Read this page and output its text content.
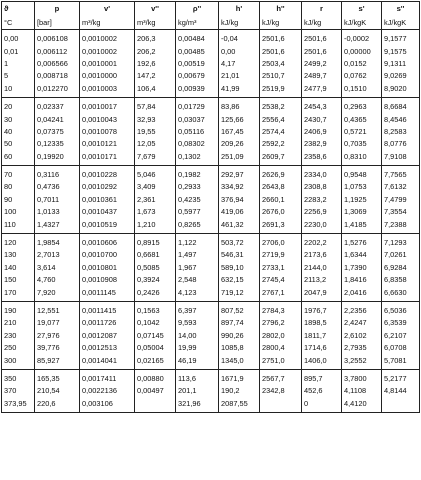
ϑ	p	v'	v''	ρ''	h'	h''	r	s'	s''
°C	[bar]	m³/kg	m³/kg	kg/m³	kJ/kg	kJ/kg	kJ/kg	kJ/kgK	kJ/kgK
0,00	0,006108	0,0010002	206,3	0,00484	-0,04	2501,6	2501,6	-0,0002	9,1577
0,01	0,006112	0,0010002	206,2	0,00485	0,00	2501,6	2501,6	0,00000	9,1575
1	0,006566	0,0010001	192,6	0,00519	4,17	2503,4	2499,2	0,0152	9,1311
5	0,008718	0,0010000	147,2	0,00679	21,01	2510,7	2489,7	0,0762	9,0269
10	0,012270	0,0010003	106,4	0,00939	41,99	2519,9	2477,9	0,1510	8,9020
20	0,02337	0,0010017	57,84	0,01729	83,86	2538,2	2454,3	0,2963	8,6684
30	0,04241	0,0010043	32,93	0,03037	125,66	2556,4	2430,7	0,4365	8,4546
40	0,07375	0,0010078	19,55	0,05116	167,45	2574,4	2406,9	0,5721	8,2583
50	0,12335	0,0010121	12,05	0,08302	209,26	2592,2	2382,9	0,7035	8,0776
60	0,19920	0,0010171	7,679	0,1302	251,09	2609,7	2358,6	0,8310	7,9108
70	0,3116	0,0010228	5,046	0,1982	292,97	2626,9	2334,0	0,9548	7,7565
80	0,4736	0,0010292	3,409	0,2933	334,92	2643,8	2308,8	1,0753	7,6132
90	0,7011	0,0010361	2,361	0,4235	376,94	2660,1	2283,2	1,1925	7,4799
100	1,0133	0,0010437	1,673	0,5977	419,06	2676,0	2256,9	1,3069	7,3554
110	1,4327	0,0010519	1,210	0,8265	461,32	2691,3	2230,0	1,4185	7,2388
120	1,9854	0,0010606	0,8915	1,122	503,72	2706,0	2202,2	1,5276	7,1293
130	2,7013	0,0010700	0,6681	1,497	546,31	2719,9	2173,6	1,6344	7,0261
140	3,614	0,0010801	0,5085	1,967	589,10	2733,1	2144,0	1,7390	6,9284
150	4,760	0,0010908	0,3924	2,548	632,15	2745,4	2113,2	1,8416	6,8358
170	7,920	0,0011145	0,2426	4,123	719,12	2767,1	2047,9	2,0416	6,6630
190	12,551	0,0011415	0,1563	6,397	807,52	2784,3	1976,7	2,2356	6,5036
210	19,077	0,0011726	0,1042	9,593	897,74	2796,2	1898,5	2,4247	6,3539
230	27,976	0,0012087	0,07145	14,00	990,26	2802,0	1811,7	2,6102	6,2107
250	39,776	0,0012513	0,05004	19,99	1085,8	2800,4	1714,6	2,7935	6,0708
300	85,927	0,0014041	0,02165	46,19	1345,0	2751,0	1406,0	3,2552	5,7081
350	165,35	0,0017411	0,00880	113,6	1671,9	2567,7	895,7	3,7800	5,2177
370	210,54	0,0022136	0,00497	201,1	190,2	2342,8	452,6	4,1108	4,8144
373,95	220,6	0,003106		321,96	2087,55		0	4,4120	
